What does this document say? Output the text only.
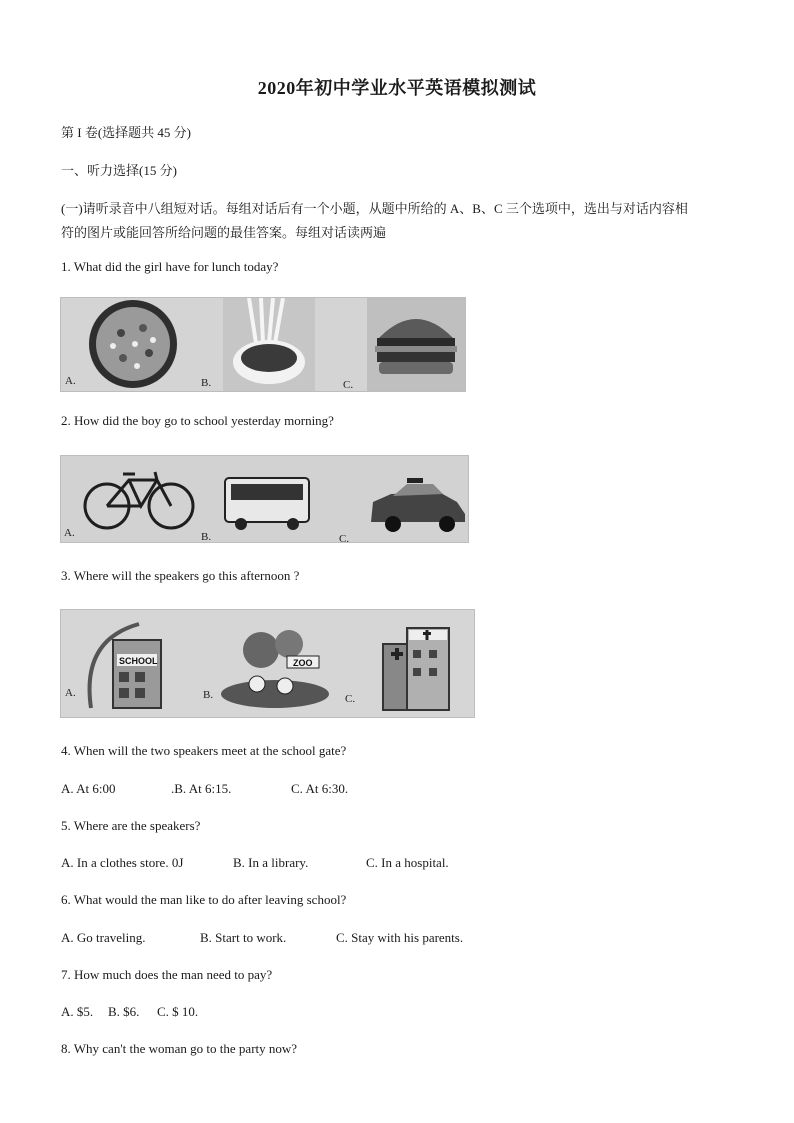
2020年初中学业水平英语模拟测试
第 I 卷(选择题共 45 分)
一、听力选择(15 分)
(一)请听录音中八组短对话。每组对话后有一个小题，从题中所给的 A、B、C 三个选项中，选出与对话内容相
符的图片或能回答所给问题的最佳答案。每组对话读两遍
1. What did the girl have for lunch today?
A.	B.	C.
2. How did the boy go to school yesterday morning?
A.	B.	C.
3. Where will the speakers go this afternoon ?
SCHOOL	ZOO
A.	B.	C.
4. When will the two speakers meet at the school gate?
A. At 6:00	.B. At 6:15.	C. At 6:30.
5. Where are the speakers?
A. In a clothes store. 0J	B. In a library.	C. In a hospital.
6. What would the man like to do after leaving school?
A. Go traveling.	B. Start to work.	C. Stay with his parents.
7. How much does the man need to pay?
A. $5. B. $6. C. $ 10.
8. Why can't the woman go to the party now?
